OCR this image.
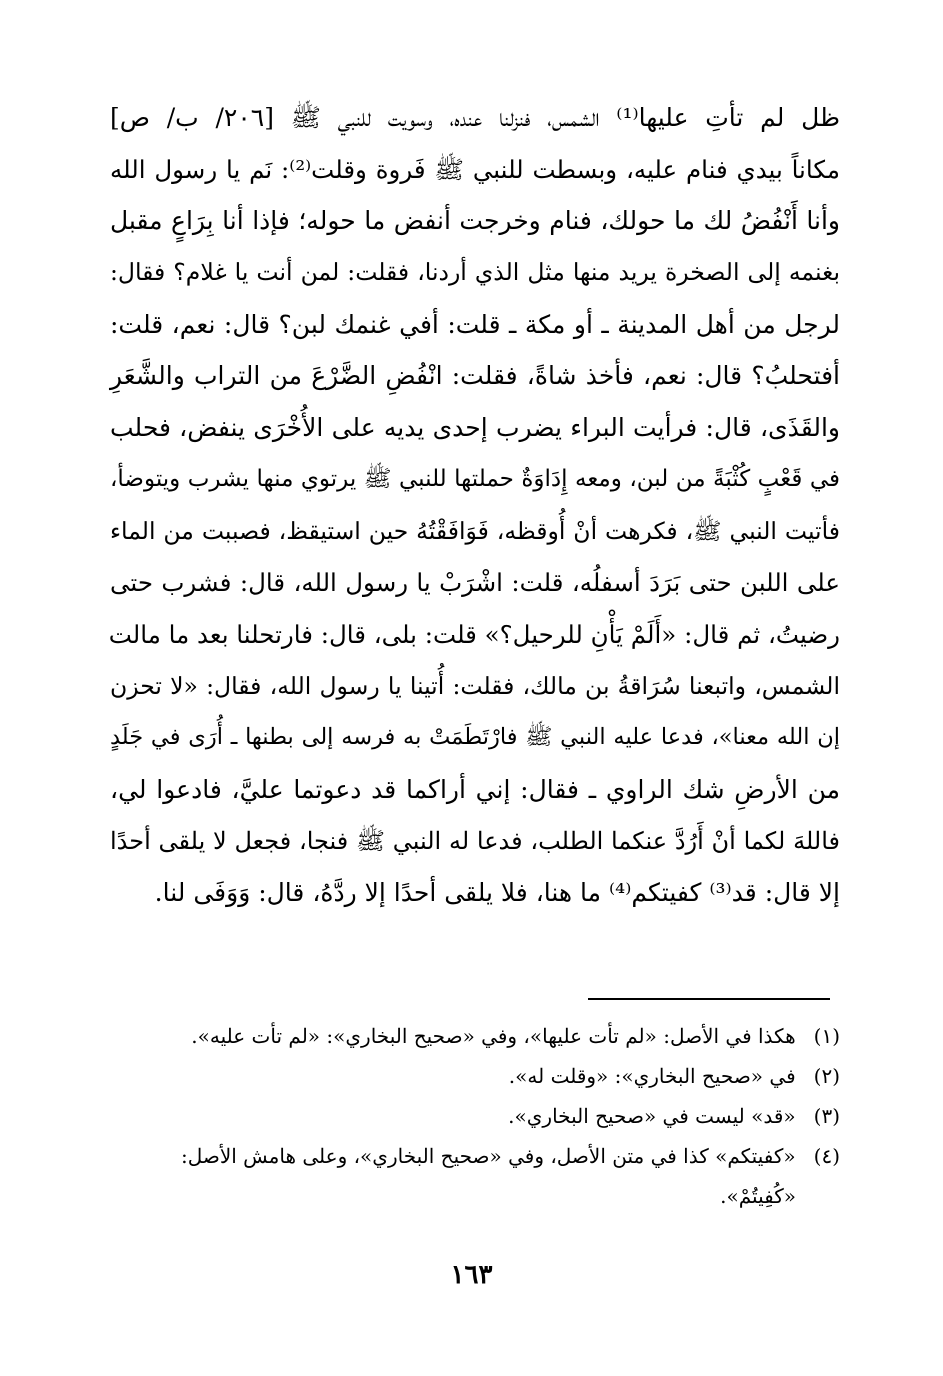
ظل لم تأتِ عليها⁽¹⁾ الشمس، فنزلنا عنده، وسويت للنبي ﷺ [٢٠٦/ ب/ ص]
مكاناً بيدي فنام عليه، وبسطت للنبي ﷺ فَروة وقلت⁽²⁾: نَم يا رسول الله
وأنا أَنْفُضُ لك ما حولك، فنام وخرجت أنفض ما حوله؛ فإذا أنا بِرَاعٍ مقبل
بغنمه إلى الصخرة يريد منها مثل الذي أردنا، فقلت: لمن أنت يا غلام؟ فقال:
لرجل من أهل المدينة ـ أو مكة ـ قلت: أفي غنمك لبن؟ قال: نعم، قلت:
أفتحلبُ؟ قال: نعم، فأخذ شاةً، فقلت: انْفُضِ الضَّرْعَ من التراب والشَّعَرِ
والقَذَى، قال: فرأيت البراء يضرب إحدى يديه على الأُخْرَى ينفض، فحلب
في قَعْبٍ كُثْبَةً من لبن، ومعه إِدَاوَةٌ حملتها للنبي ﷺ يرتوي منها يشرب ويتوضأ،
فأتيت النبي ﷺ، فكرهت أنْ أُوقظه، فَوَافَقْتُهُ حين استيقظ، فصببت من الماء
على اللبن حتى بَرَدَ أسفلُه، قلت: اشْرَبْ يا رسول الله، قال: فشرب حتى
رضيتُ، ثم قال: «أَلَمْ يَأْنِ للرحيل؟» قلت: بلى، قال: فارتحلنا بعد ما مالت
الشمس، واتبعنا سُرَاقةُ بن مالك، فقلت: أُتينا يا رسول الله، فقال: «لا تحزن
إن الله معنا»، فدعا عليه النبي ﷺ فارْتَطَمَتْ به فرسه إلى بطنها ـ أُرَى في جَلَدٍ
من الأرضِ شك الراوي ـ فقال: إني أراكما قد دعوتما عليَّ، فادعوا لي،
فاللهَ لكما أنْ أَرُدَّ عنكما الطلب، فدعا له النبي ﷺ فنجا، فجعل لا يلقى أحدًا
إلا قال: قد⁽³⁾ كفيتكم⁽⁴⁾ ما هنا، فلا يلقى أحدًا إلا ردَّهُ، قال: وَوَفَى لنا.
(١) هكذا في الأصل: «لم تأت عليها»، وفي «صحيح البخاري»: «لم تأت عليه».
(٢) في «صحيح البخاري»: «وقلت له».
(٣) «قد» ليست في «صحيح البخاري».
(٤) «كفيتكم» كذا في متن الأصل، وفي «صحيح البخاري»، وعلى هامش الأصل:
«كُفِيتُمْ».
١٦٣
